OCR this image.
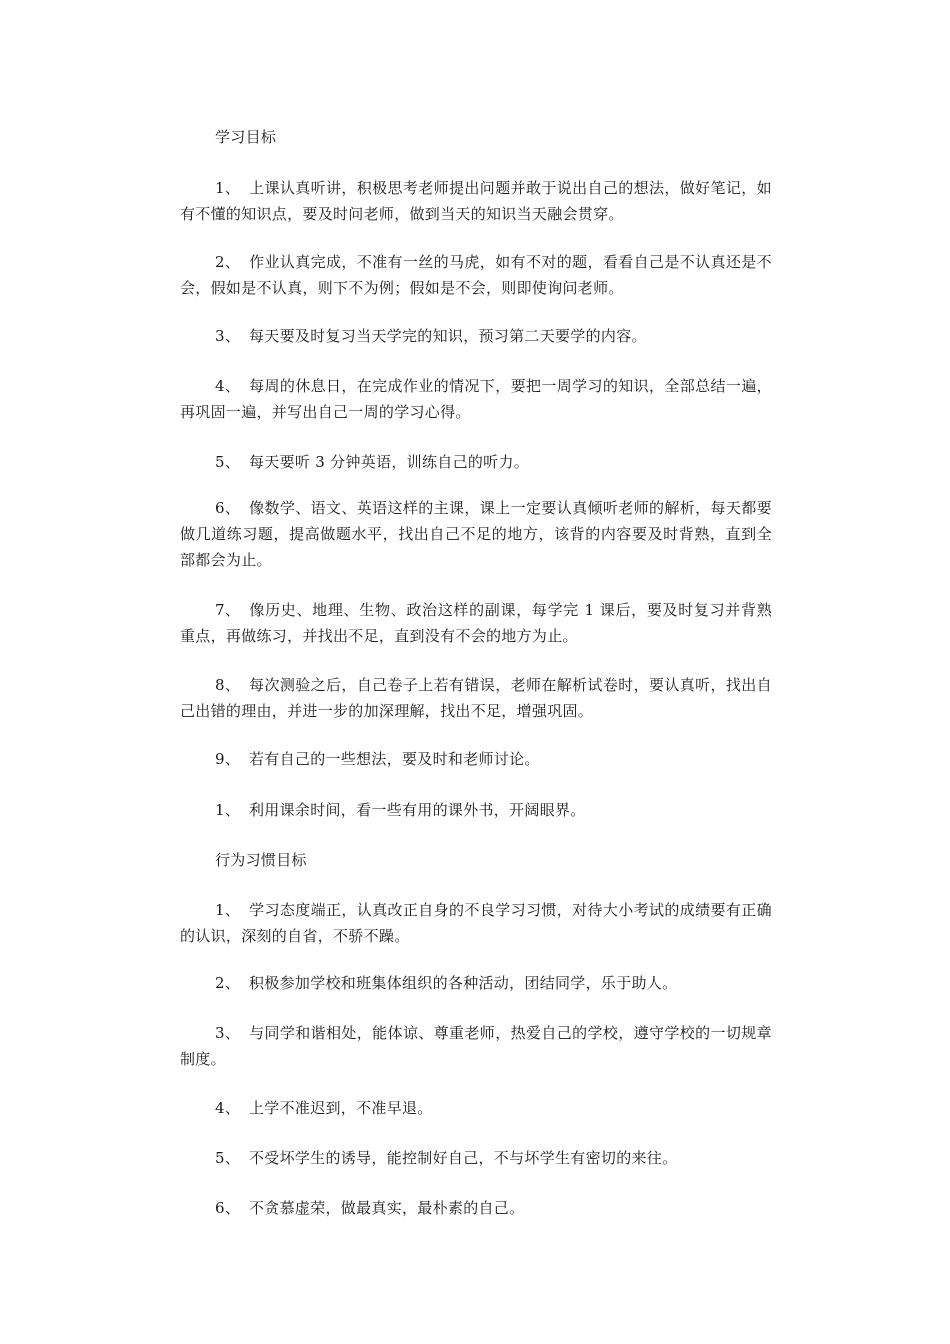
学习目标

1、 上课认真听讲，积极思考老师提出问题并敢于说出自己的想法，做好笔记，如有不懂的知识点，要及时问老师，做到当天的知识当天融会贯穿。

2、 作业认真完成，不准有一丝的马虎，如有不对的题，看看自己是不认真还是不会，假如是不认真，则下不为例；假如是不会，则即使询问老师。

3、 每天要及时复习当天学完的知识，预习第二天要学的内容。

4、 每周的休息日，在完成作业的情况下，要把一周学习的知识，全部总结一遍，再巩固一遍，并写出自己一周的学习心得。

5、 每天要听 3 分钟英语，训练自己的听力。

6、 像数学、语文、英语这样的主课，课上一定要认真倾听老师的解析，每天都要做几道练习题，提高做题水平，找出自己不足的地方，该背的内容要及时背熟，直到全部都会为止。

7、 像历史、地理、生物、政治这样的副课，每学完 1 课后，要及时复习并背熟重点，再做练习，并找出不足，直到没有不会的地方为止。

8、 每次测验之后，自己卷子上若有错误，老师在解析试卷时，要认真听，找出自己出错的理由，并进一步的加深理解，找出不足，增强巩固。

9、 若有自己的一些想法，要及时和老师讨论。

1、 利用课余时间，看一些有用的课外书，开阔眼界。

行为习惯目标

1、 学习态度端正，认真改正自身的不良学习习惯，对待大小考试的成绩要有正确的认识，深刻的自省，不骄不躁。

2、 积极参加学校和班集体组织的各种活动，团结同学，乐于助人。

3、 与同学和谐相处，能体谅、尊重老师，热爱自己的学校，遵守学校的一切规章制度。

4、 上学不准迟到，不准早退。

5、 不受坏学生的诱导，能控制好自己，不与坏学生有密切的来往。

6、 不贪慕虚荣，做最真实，最朴素的自己。
